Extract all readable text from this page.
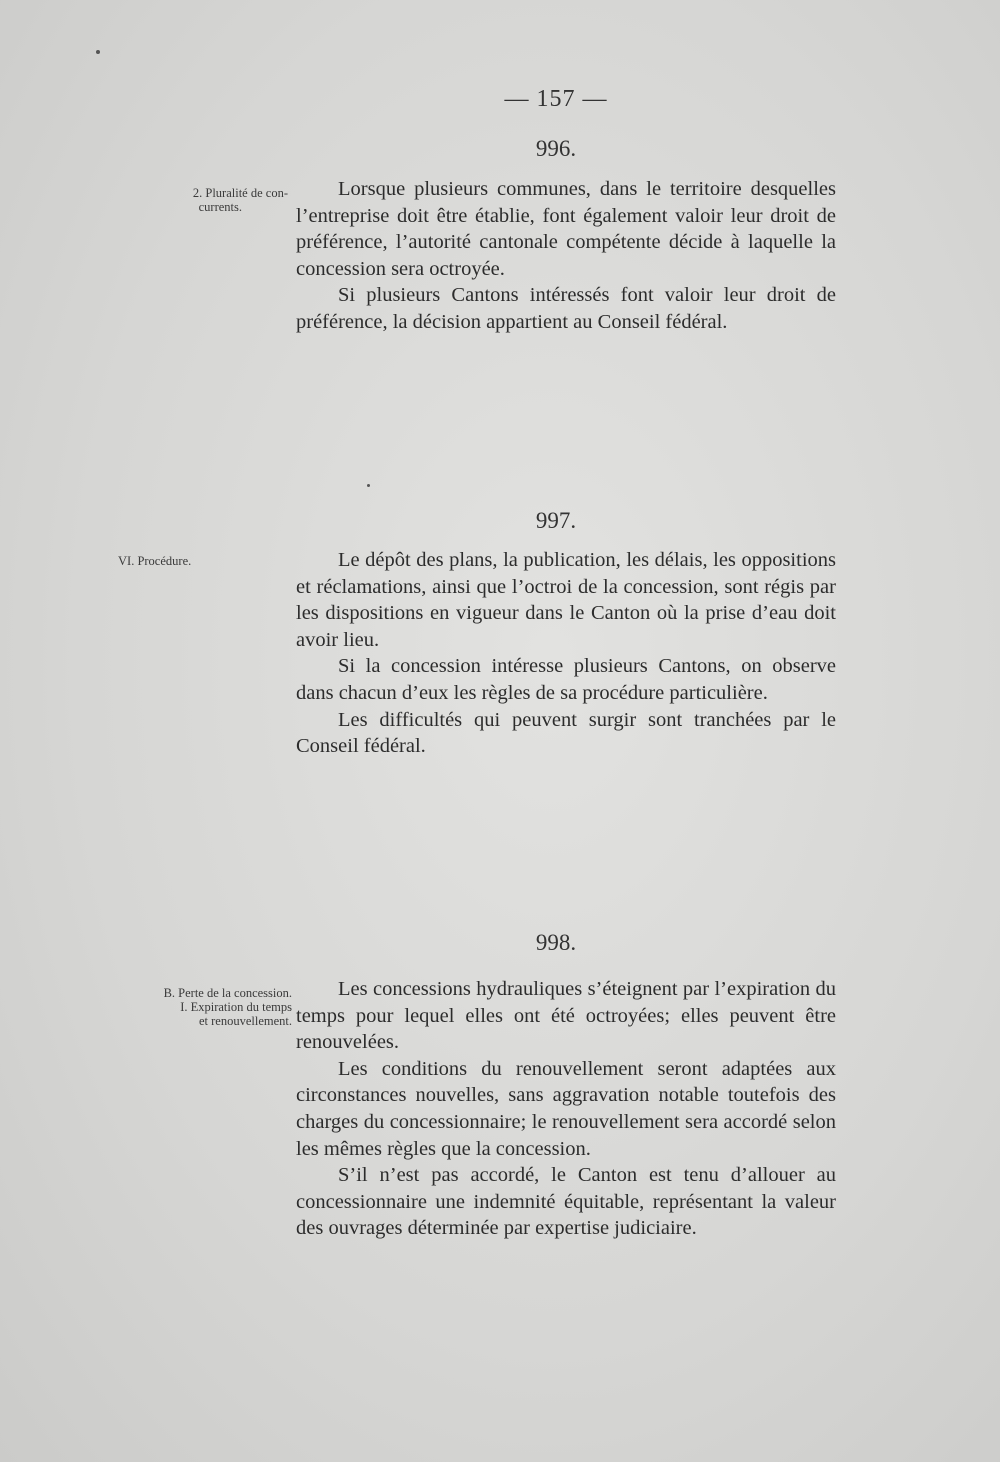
— 157 —
996.
2. Pluralité de con-
currents.

Lorsque plusieurs communes, dans le territoire desquelles l’entreprise doit être établie, font également valoir leur droit de préférence, l’autorité cantonale compétente décide à laquelle la concession sera octroyée.

Si plusieurs Cantons intéressés font valoir leur droit de préférence, la décision appartient au Conseil fédéral.

997.
VI. Procédure.	Le dépôt des plans, la publication, les délais, les oppositions et réclamations, ainsi que l’octroi de la concession, sont régis par les dispositions en vigueur dans le Canton où la prise d’eau doit avoir lieu.

Si la concession intéresse plusieurs Cantons, on observe dans chacun d’eux les règles de sa procédure particulière.

Les difficultés qui peuvent surgir sont tranchées par le Conseil fédéral.

998.
B. Perte de la concession.
I. Expiration du temps
et renouvellement.

Les concessions hydrauliques s’éteignent par l’expiration du temps pour lequel elles ont été octroyées; elles peuvent être renouvelées.

Les conditions du renouvellement seront adaptées aux circonstances nouvelles, sans aggravation notable toutefois des charges du concessionnaire; le renouvellement sera accordé selon les mêmes règles que la concession.

S’il n’est pas accordé, le Canton est tenu d’allouer au concessionnaire une indemnité équitable, représentant la valeur des ouvrages déterminée par expertise judiciaire.
